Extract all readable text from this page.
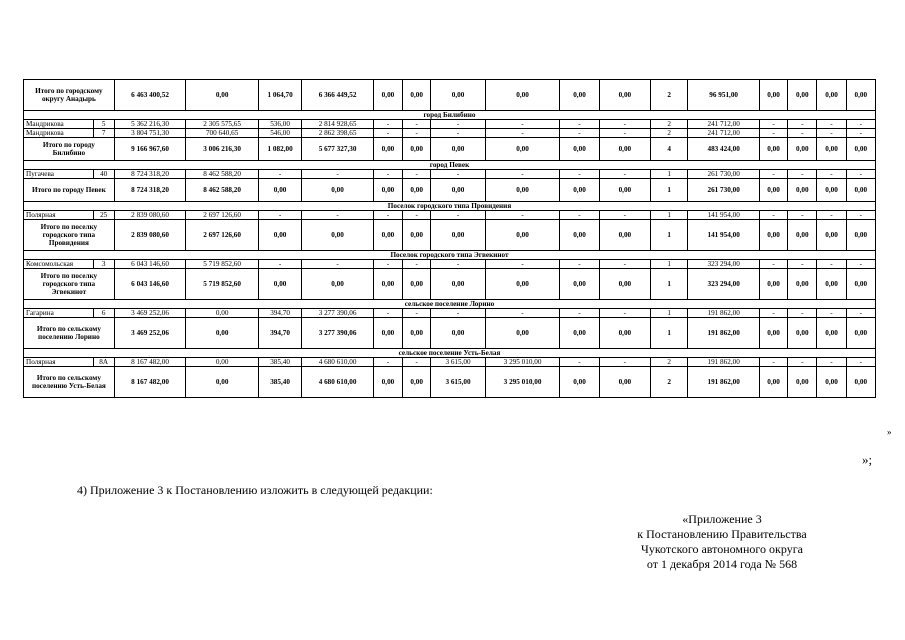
Итого по городскому округу Анадырь		6 463 400,52	0,00	1 064,70	6 366 449,52	0,00	0,00	0,00	0,00	0,00	0,00	2	96 951,00	0,00	0,00	0,00	0,00
город Билибино																	
Мандрикова	5	5 362 216,30	2 305 575,65	536,00	2 814 928,65	-	-	-	-	-	-	2	241 712,00	-	-	-	-
Мандрикова	7	3 804 751,30	700 640,65	546,00	2 862 398,65	-	-	-	-	-	-	2	241 712,00	-	-	-	-
Итого по городу Билибино		9 166 967,60	3 006 216,30	1 082,00	5 677 327,30	0,00	0,00	0,00	0,00	0,00	0,00	4	483 424,00	0,00	0,00	0,00	0,00
город Певек																	
Пугачева	40	8 724 318,20	8 462 588,20	-	-	-	-	-	-	-	-	1	261 730,00	-	-	-	-
Итого по городу Певек		8 724 318,20	8 462 588,20	0,00	0,00	0,00	0,00	0,00	0,00	0,00	0,00	1	261 730,00	0,00	0,00	0,00	0,00
Поселок городского типа Провидения																	
Полярная	25	2 839 080,60	2 697 126,60	-	-	-	-	-	-	-	-	1	141 954,00	-	-	-	-
Итого по поселку городского типа Провидения		2 839 080,60	2 697 126,60	0,00	0,00	0,00	0,00	0,00	0,00	0,00	0,00	1	141 954,00	0,00	0,00	0,00	0,00
Поселок городского типа Эгвекинот																	
Комсомольская	3	6 043 146,60	5 719 852,60	-	-	-	-	-	-	-	-	1	323 294,00	-	-	-	-
Итого по поселку городского типа Эгвекинот		6 043 146,60	5 719 852,60	0,00	0,00	0,00	0,00	0,00	0,00	0,00	0,00	1	323 294,00	0,00	0,00	0,00	0,00
сельское поселение Лорино																	
Гагарина	6	3 469 252,06	0,00	394,70	3 277 390,06	-	-	-	-	-	-	1	191 862,00	-	-	-	-
Итого по сельскому поселению Лорино		3 469 252,06	0,00	394,70	3 277 390,06	0,00	0,00	0,00	0,00	0,00	0,00	1	191 862,00	0,00	0,00	0,00	0,00
сельское поселение Усть-Белая																	
Полярная	8А	8 167 482,00	0,00	385,40	4 680 610,00	-	-	3 615,00	3 295 010,00	-	-	2	191 862,00	-	-	-	-
Итого по сельскому поселению Усть-Белая		8 167 482,00	0,00	385,40	4 680 610,00	0,00	0,00	3 615,00	3 295 010,00	0,00	0,00	2	191 862,00	0,00	0,00	0,00	0,00
»
»;
4) Приложение 3 к Постановлению изложить в следующей редакции:
«Приложение 3
к Постановлению Правительства
Чукотского автономного округа
от 1 декабря 2014 года № 568
